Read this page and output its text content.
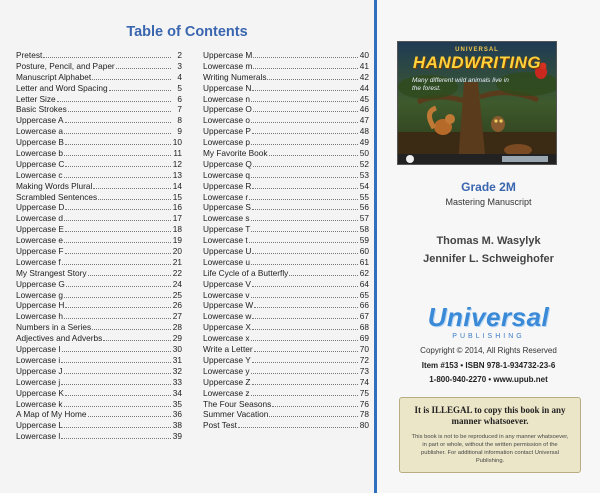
Table of Contents
Pretest	2
Posture, Pencil, and Paper	3
Manuscript Alphabet	4
Letter and Word Spacing	5
Letter Size	6
Basic Strokes	7
Uppercase A	8
Lowercase a	9
Uppercase B	10
Lowercase b	11
Uppercase C	12
Lowercase c	13
Making Words Plural	14
Scrambled Sentences	15
Uppercase D	16
Lowercase d	17
Uppercase E	18
Lowercase e	19
Uppercase F	20
Lowercase f	21
My Strangest Story	22
Uppercase G	24
Lowercase g	25
Uppercase H	26
Lowercase h	27
Numbers in a Series	28
Adjectives and Adverbs	29
Uppercase I	30
Lowercase i	31
Uppercase J	32
Lowercase j	33
Uppercase K	34
Lowercase k	35
A Map of My Home	36
Uppercase L	38
Lowercase l	39
Uppercase M	40
Lowercase m	41
Writing Numerals	42
Uppercase N	44
Lowercase n	45
Uppercase O	46
Lowercase o	47
Uppercase P	48
Lowercase p	49
My Favorite Book	50
Uppercase Q	52
Lowercase q	53
Uppercase R	54
Lowercase r	55
Uppercase S	56
Lowercase s	57
Uppercase T	58
Lowercase t	59
Uppercase U	60
Lowercase u	61
Life Cycle of a Butterfly	62
Uppercase V	64
Lowercase v	65
Uppercase W	66
Lowercase w	67
Uppercase X	68
Lowercase x	69
Write a Letter	70
Uppercase Y	72
Lowercase y	73
Uppercase Z	74
Lowercase z	75
The Four Seasons	76
Summer Vacation	78
Post Test	80
UNIVERSAL
HANDWRITING
Many different wild animals live in the forest.
Grade 2M
Mastering Manuscript
Thomas M. Wasylyk
Jennifer L. Schweighofer
Universal
PUBLISHING
Copyright © 2014, All Rights Reserved
Item #153 • ISBN 978-1-934732-23-6
1-800-940-2270 • www.upub.net
It is ILLEGAL to copy this book in any manner whatsoever.
This book is not to be reproduced in any manner whatsoever, in part or whole, without the written permission of the publisher. For additional information contact Universal Publishing.
